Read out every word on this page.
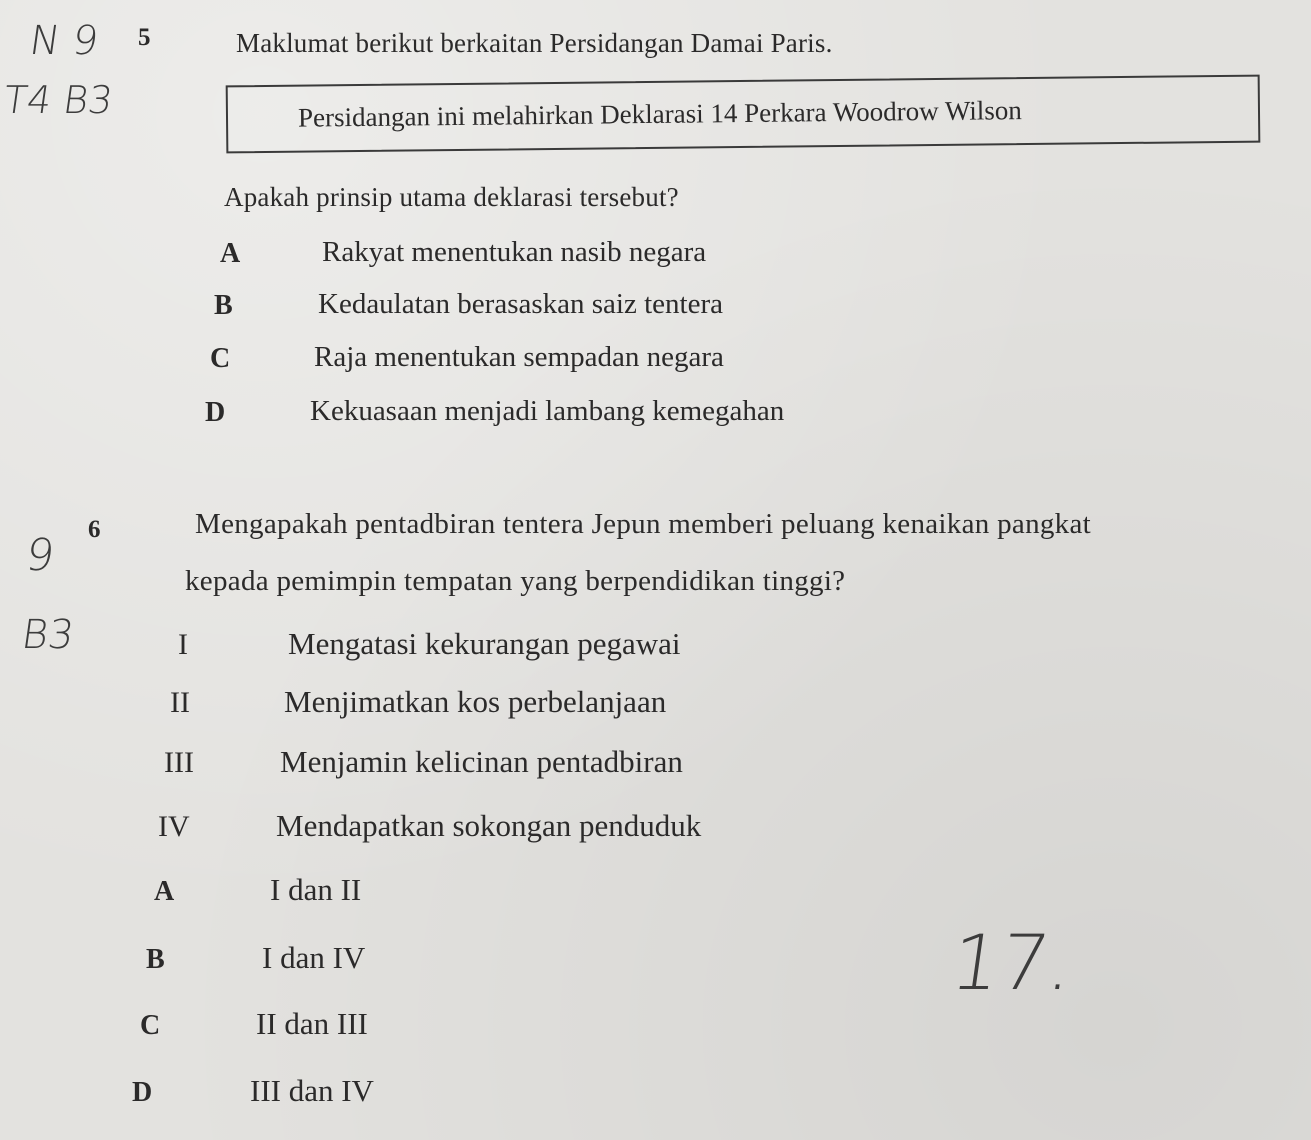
N 9
T4 B3
9
B3
17.
5	Maklumat berikut berkaitan Persidangan Damai Paris.
Persidangan ini melahirkan Deklarasi 14 Perkara Woodrow Wilson
Apakah prinsip utama deklarasi tersebut?
A	Rakyat menentukan nasib negara
B	Kedaulatan berasaskan saiz tentera
C	Raja menentukan sempadan negara
D	Kekuasaan menjadi lambang kemegahan
6	Mengapakah pentadbiran tentera Jepun memberi peluang kenaikan pangkat
kepada pemimpin tempatan yang berpendidikan tinggi?
I	Mengatasi kekurangan pegawai
II	Menjimatkan kos perbelanjaan
III	Menjamin kelicinan pentadbiran
IV	Mendapatkan sokongan penduduk
A	I dan II
B	I dan IV
C	II dan III
D	III dan IV
